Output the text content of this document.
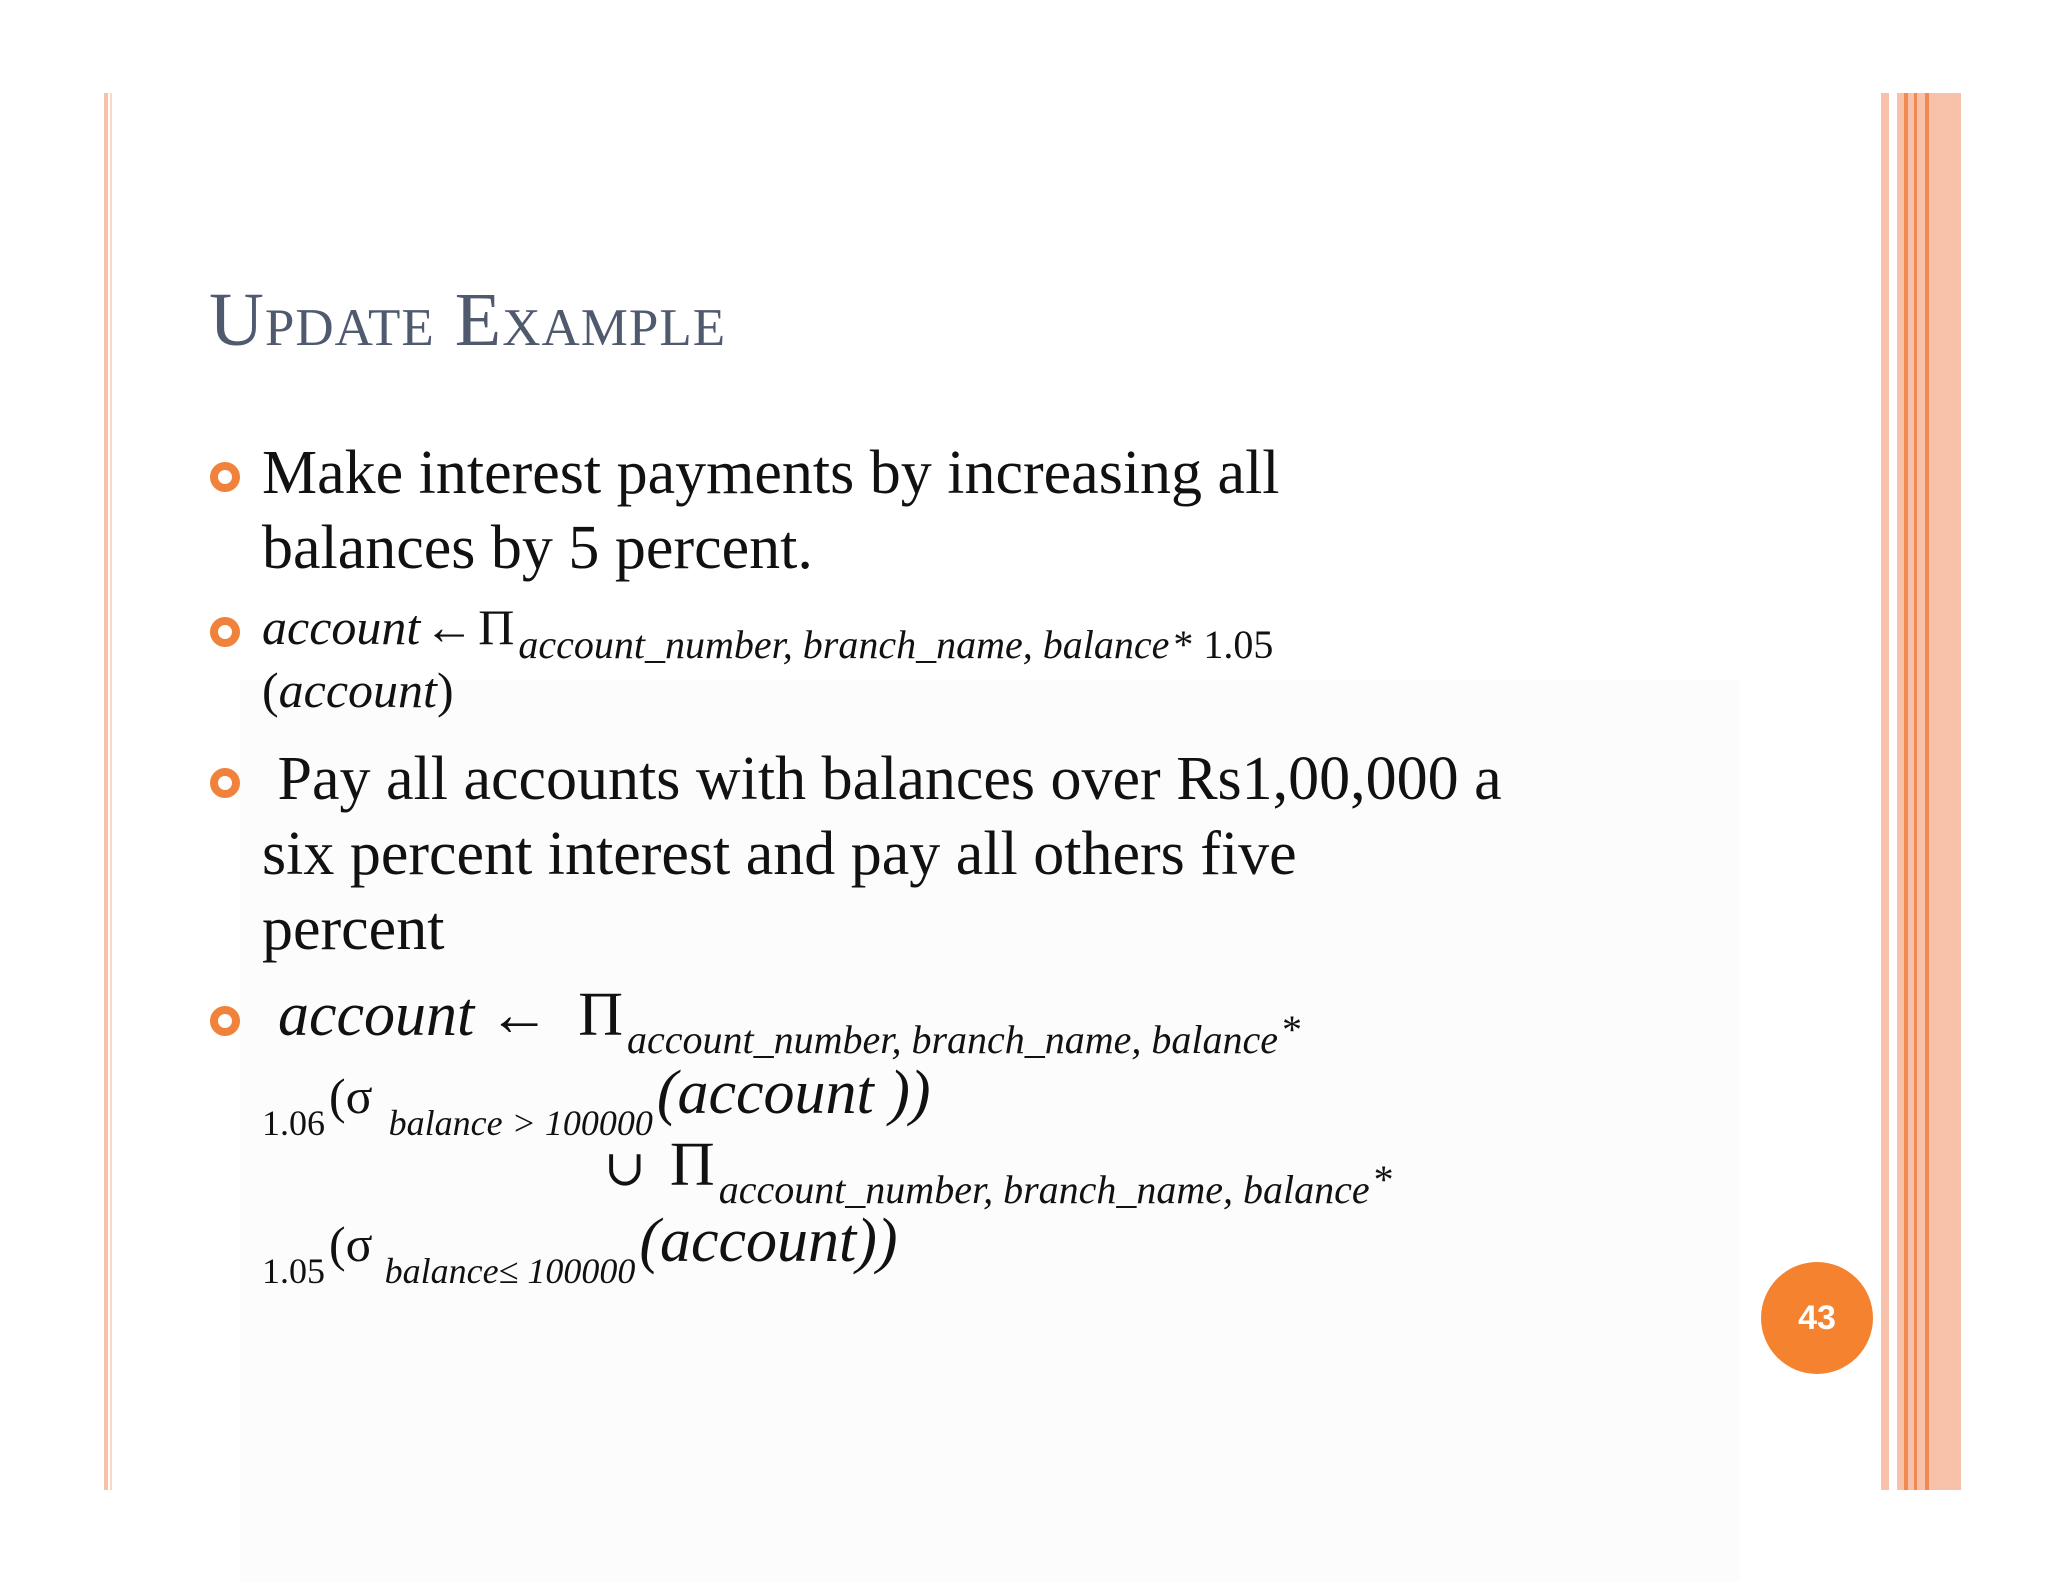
Update Example
Make interest payments by increasing all
balances by 5 percent.
account ← Π account_number, branch_name, balance * 1.05
(account)
Pay all accounts with balances over Rs1,00,000 a
six percent interest and pay all others five
percent
account ← Π account_number, branch_name, balance *
1.06 (σ balance > 100000 (account ))
∪ Π account_number, branch_name, balance *
1.05 (σ balance≤ 100000 (account))
43
